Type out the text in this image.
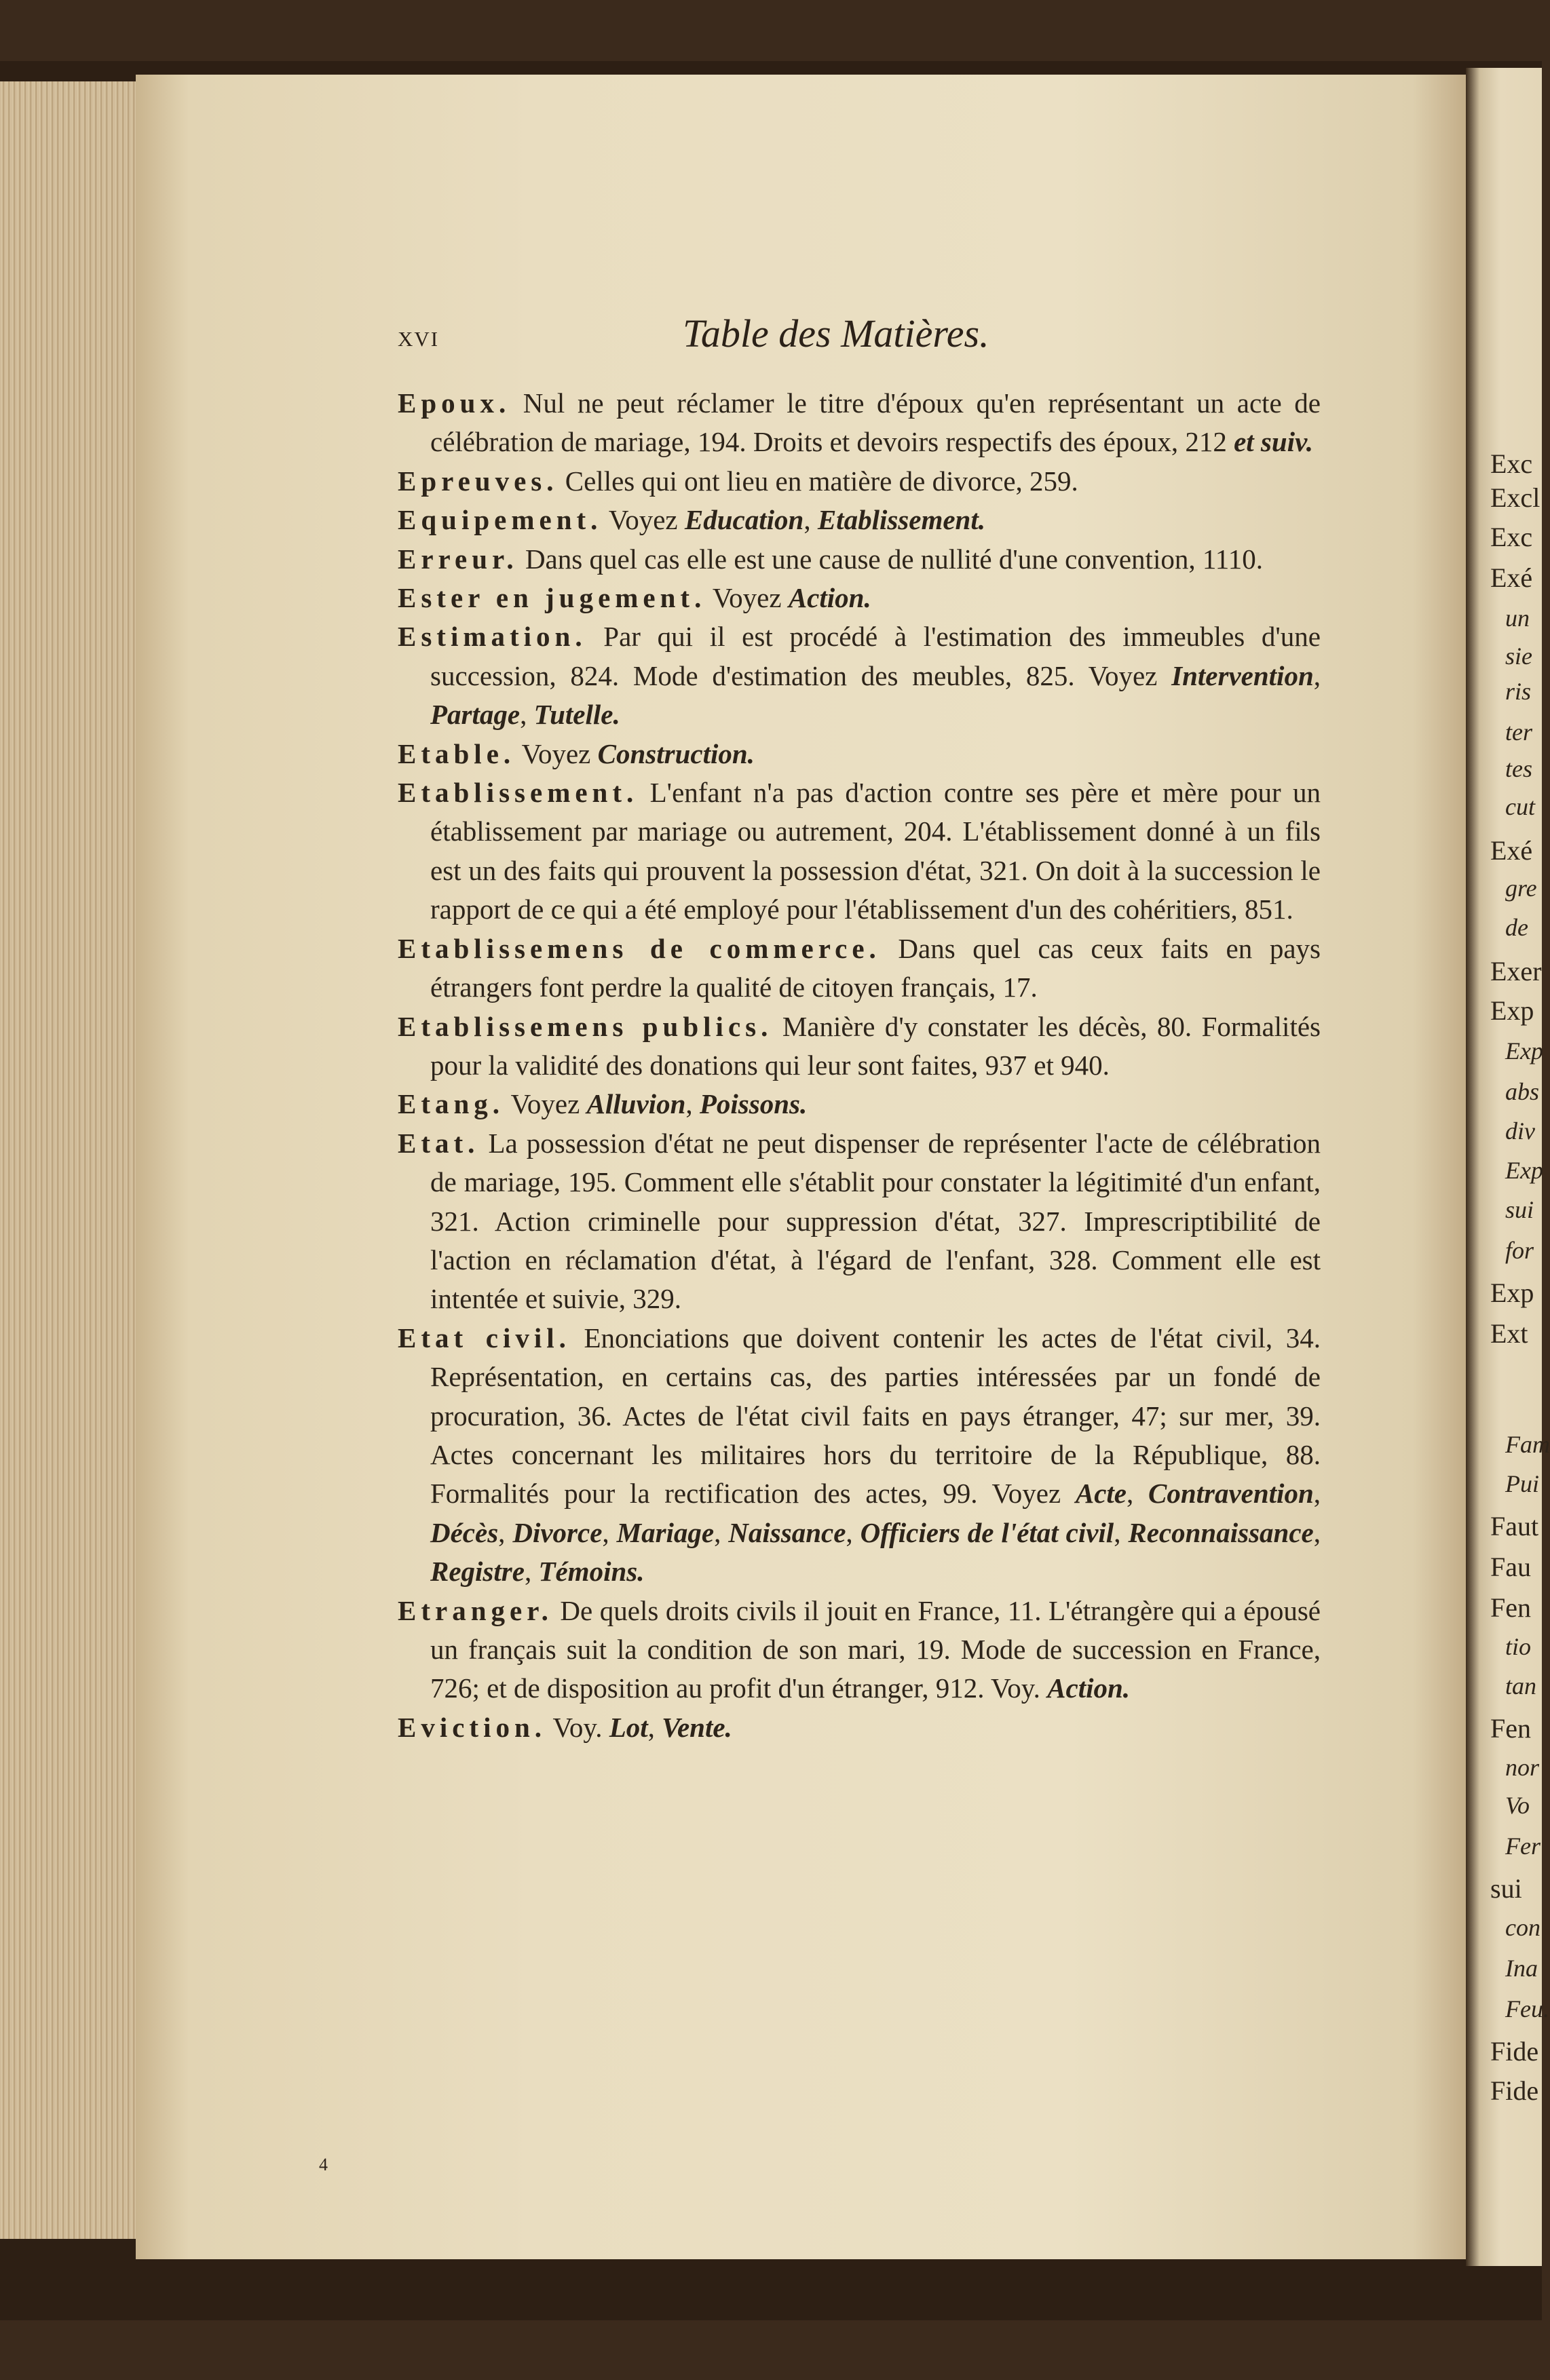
Exc
Excl
Exc
Exé
un
sie
ris
ter
tes
cut
Exé
gre
de
Exer
Exp
Exp
abs
div
Exp
sui
for
Exp
Ext
Fam
Pui
Faut
Fau
Fen
tio
tan
Fen
nor
Vo
Fer
sui
con
Ina
Feu.
Fide
Fide
xvi	Table des Matières.

Epoux. Nul ne peut réclamer le titre d'époux qu'en représentant un acte de célébration de mariage, 194. Droits et devoirs respectifs des époux, 212 et suiv.

Epreuves. Celles qui ont lieu en matière de divorce, 259.

Equipement. Voyez Education, Etablissement.

Erreur. Dans quel cas elle est une cause de nullité d'une convention, 1110.

Ester en jugement. Voyez Action.

Estimation. Par qui il est procédé à l'estimation des immeubles d'une succession, 824. Mode d'estimation des meubles, 825. Voyez Intervention, Partage, Tutelle.

Etable. Voyez Construction.

Etablissement. L'enfant n'a pas d'action contre ses père et mère pour un établissement par mariage ou autrement, 204. L'établissement donné à un fils est un des faits qui prouvent la possession d'état, 321. On doit à la succession le rapport de ce qui a été employé pour l'établissement d'un des cohéritiers, 851.

Etablissemens de commerce. Dans quel cas ceux faits en pays étrangers font perdre la qualité de citoyen français, 17.

Etablissemens publics. Manière d'y constater les décès, 80. Formalités pour la validité des donations qui leur sont faites, 937 et 940.

Etang. Voyez Alluvion, Poissons.

Etat. La possession d'état ne peut dispenser de représenter l'acte de célébration de mariage, 195. Comment elle s'établit pour constater la légitimité d'un enfant, 321. Action criminelle pour suppression d'état, 327. Imprescriptibilité de l'action en réclamation d'état, à l'égard de l'enfant, 328. Comment elle est intentée et suivie, 329.

Etat civil. Enonciations que doivent contenir les actes de l'état civil, 34. Représentation, en certains cas, des parties intéressées par un fondé de procuration, 36. Actes de l'état civil faits en pays étranger, 47; sur mer, 39. Actes concernant les militaires hors du territoire de la République, 88. Formalités pour la rectification des actes, 99. Voyez Acte, Contravention, Décès, Divorce, Mariage, Naissance, Officiers de l'état civil, Reconnaissance, Registre, Témoins.

Etranger. De quels droits civils il jouit en France, 11. L'étrangère qui a épousé un français suit la condition de son mari, 19. Mode de succession en France, 726; et de disposition au profit d'un étranger, 912. Voy. Action.

Eviction. Voy. Lot, Vente.

4
